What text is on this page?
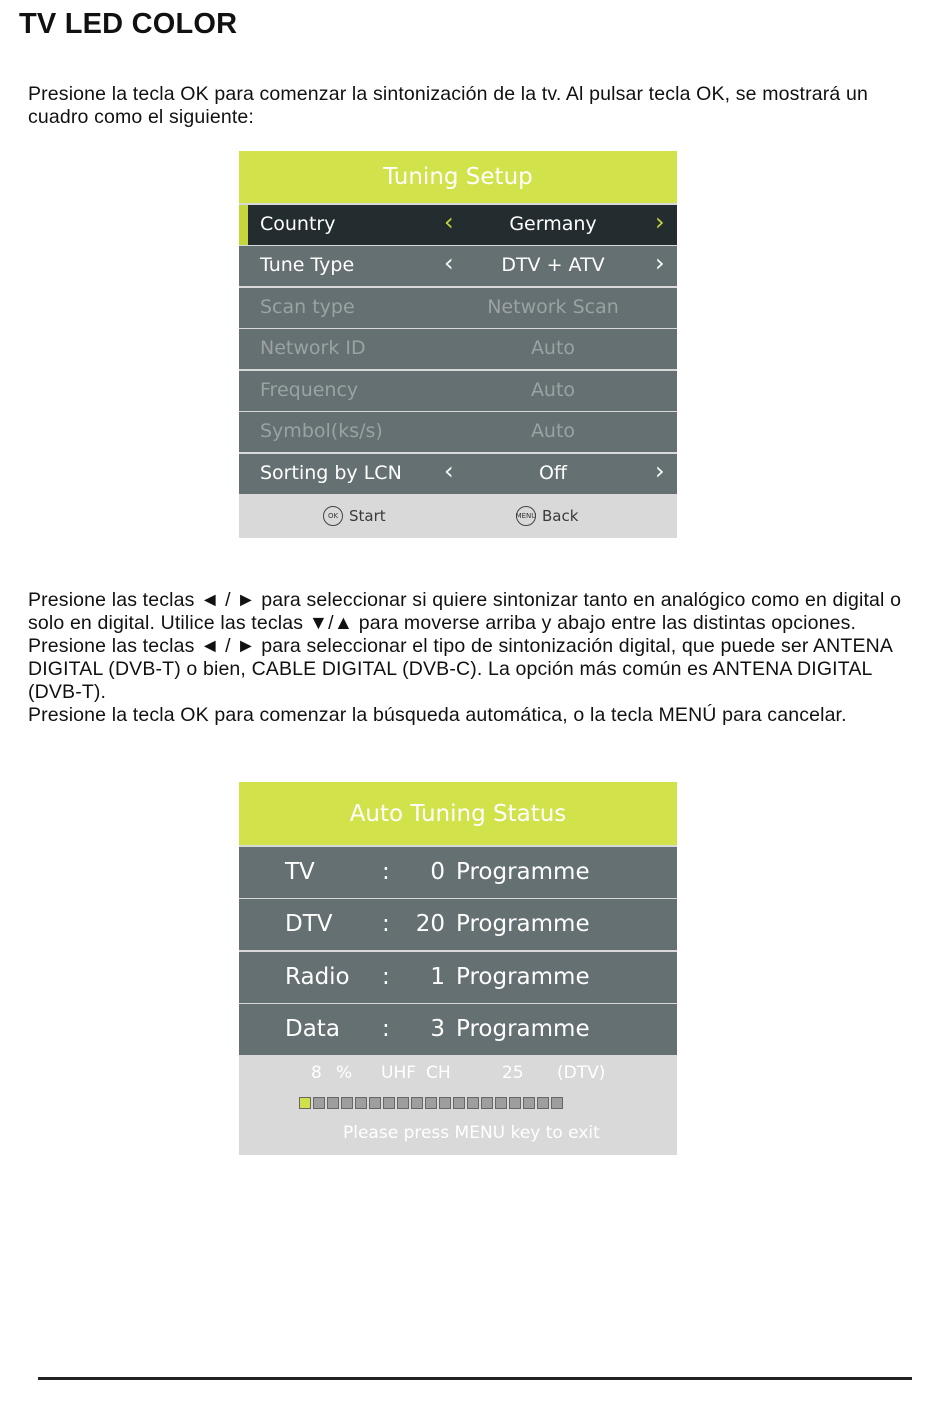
TV LED COLOR

Presione la tecla OK para comenzar la sintonización de la tv. Al pulsar tecla OK, se mostrará un cuadro como el siguiente:

Tuning Setup
Country	‹	Germany	›
Tune Type	‹	DTV + ATV	›
Scan type	Network Scan
Network ID	Auto
Frequency	Auto
Symbol(ks/s)	Auto
Sorting by LCN ‹	Off	›
OK Start	MENU Back
Presione las teclas ◄ / ► para seleccionar si quiere sintonizar tanto en analógico como en digital o solo en digital. Utilice las teclas ▼/▲ para moverse arriba y abajo entre las distintas opciones.
Presione las teclas ◄ / ► para seleccionar el tipo de sintonización digital, que puede ser ANTENA DIGITAL (DVB-T) o bien, CABLE DIGITAL (DVB-C). La opción más común es ANTENA DIGITAL (DVB-T).
Presione la tecla OK para comenzar la búsqueda automática, o la tecla MENÚ para cancelar.
Auto Tuning Status
TV	:	0 Programme
DTV :	20 Programme
Radio :	1 Programme
Data :	3 Programme
8 % UHF CH	25 (DTV)
Please press MENU key to exit
